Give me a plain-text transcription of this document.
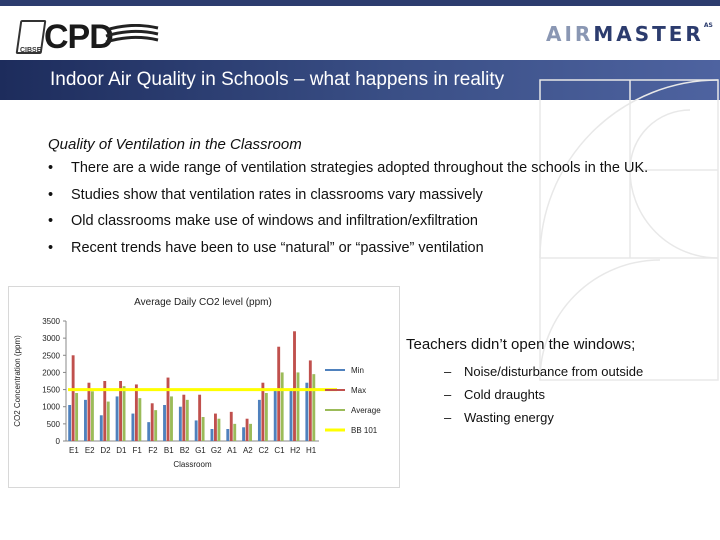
CIBSE CPD	$AIRMASTER^{AS}$
Indoor Air Quality in Schools – what happens in reality
Quality of Ventilation in the Classroom
• There are a wide range of ventilation strategies adopted throughout the schools in the UK.
• Studies show that ventilation rates in classrooms vary massively
• Old classrooms make use of windows and infiltration/exfiltration
• Recent trends have been to use “natural” or “passive” ventilation
Average Daily CO2 level (ppm)
CO2 Concentration (ppm)
0
500
1000
1500
2000
2500
3000
3500
E1 E2 D2 D1 F1 F2 B1 B2 G1 G2 A1 A2 C2 C1 H2 H1
Classroom
Min
Max
Average
BB 101
Teachers didn’t open the windows;
– Noise/disturbance from outside
– Cold draughts
– Wasting energy
